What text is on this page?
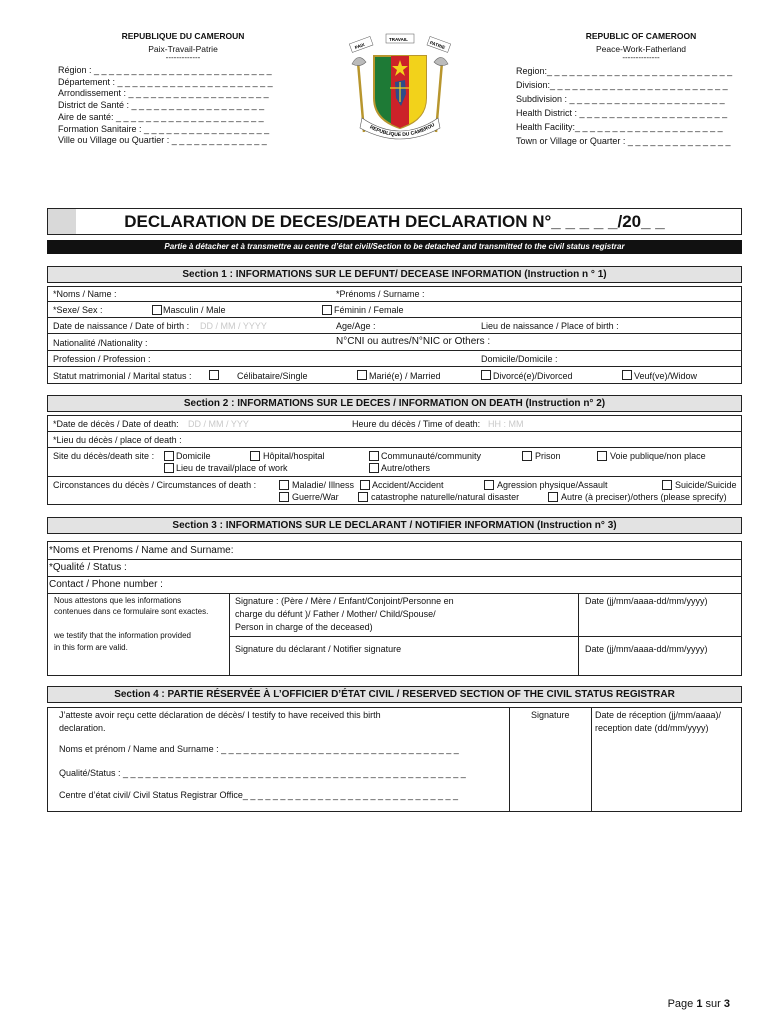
REPUBLIQUE DU CAMEROUN
Paix-Travail-Patrie
-------------
Région : _ _ _ _ _ _ _ _ _ _ _ _ _ _ _ _ _ _ _ _ _ _ _ _
Département : _ _ _ _ _ _ _ _ _ _ _ _ _ _ _ _ _ _ _ _ _
Arrondissement : _ _ _ _ _ _ _ _ _ _ _ _ _ _ _ _ _ _ _
District de Santé : _ _ _ _ _ _ _ _ _ _ _ _ _ _ _ _ _ _
Aire de santé: _ _ _ _ _ _ _ _ _ _ _ _ _ _ _ _ _ _ _ _
Formation Sanitaire : _ _ _ _ _ _ _ _ _ _ _ _ _ _ _ _ _
Ville ou Village ou Quartier : _ _ _ _ _ _ _ _ _ _ _ _ _
REPUBLIC OF CAMEROON
Peace-Work-Fatherland
--------------
Region:_ _ _ _ _ _ _ _ _ _ _ _ _ _ _ _ _ _ _ _ _ _ _ _ _
Division:_ _ _ _ _ _ _ _ _ _ _ _ _ _ _ _ _ _ _ _ _ _ _ _
Subdivision : _ _ _ _ _ _ _ _ _ _ _ _ _ _ _ _ _ _ _ _ _
Health District : _ _ _ _ _ _ _ _ _ _ _ _ _ _ _ _ _ _ _ _
Health Facility:_ _ _ _ _ _ _ _ _ _ _ _ _ _ _ _ _ _ _ _
Town or Village or Quarter : _ _ _ _ _ _ _ _ _ _ _ _ _ _
PAIX
TRAVAIL
PATRIE
REPUBLIQUE DU CAMEROU
DECLARATION DE DECES/DEATH DECLARATION N°_ _ _ _ _/20_ _
Partie à détacher et à transmettre au centre d’état civil/Section to be detached and transmitted to the civil status registrar
Section 1 : INFORMATIONS SUR LE DEFUNT/ DECEASE INFORMATION (Instruction n ° 1)
*Noms / Name :	*Prénoms / Surname :
*Sexe/ Sex :	Masculin / Male	Féminin / Female
Date de naissance / Date of birth : DD / MM / YYYY	Age/Age :	Lieu de naissance / Place of birth :
Nationalité /Nationality :	N°CNI ou autres/N°NIC or Others :
Profession / Profession :	Domicile/Domicile :
Statut matrimonial / Marital status :	Célibataire/Single	Marié(e) / Married	Divorcé(e)/Divorced	Veuf(ve)/Widow
Section 2 : INFORMATIONS SUR LE DECES / INFORMATION ON DEATH (Instruction n° 2)
*Date de décès / Date of death: DD / MM / YYY	Heure du décès / Time of death: HH : MM
*Lieu du décès / place of death :
Site du décès/death site : Domicile	Hôpital/hospital	Communauté/community	Prison	Voie publique/non place
Lieu de travail/place of work	Autre/others
Circonstances du décès / Circumstances of death :	Maladie/ Illness Accident/Accident	Agression physique/Assault	Suicide/Suicide
Guerre/War	catastrophe naturelle/natural disaster	Autre (à preciser)/others (please sprecify)
Section 3 : INFORMATIONS SUR LE DECLARANT / NOTIFIER INFORMATION (Instruction n° 3)
*Noms et Prenoms / Name and Surname:
*Qualité / Status :
Contact / Phone number :
Nous attestons que les informations
contenues dans ce formulaire sont exactes.
we testify that the information provided
in this form are valid.
Signature : (Père / Mère / Enfant/Conjoint/Personne en
charge du défunt )/ Father / Mother/ Child/Spouse/
Person in charge of the deceased)
Date (jj/mm/aaaa-dd/mm/yyyy)
Signature du déclarant / Notifier signature	Date (jj/mm/aaaa-dd/mm/yyyy)
Section 4 : PARTIE RÉSERVÉE À L’OFFICIER D’ÉTAT CIVIL / RESERVED SECTION OF THE CIVIL STATUS REGISTRAR
J’atteste avoir reçu cette déclaration de décès/ I testify to have received this birth
declaration.
Noms et prénom / Name and Surname : _ _ _ _ _ _ _ _ _ _ _ _ _ _ _ _ _ _ _ _ _ _ _ _ _ _ _ _ _ _ _ _
Qualité/Status : _ _ _ _ _ _ _ _ _ _ _ _ _ _ _ _ _ _ _ _ _ _ _ _ _ _ _ _ _ _ _ _ _ _ _ _ _ _ _ _ _ _ _ _ _ _
Centre d’état civil/ Civil Status Registrar Office_ _ _ _ _ _ _ _ _ _ _ _ _ _ _ _ _ _ _ _ _ _ _ _ _ _ _ _ _
Signature	Date de réception (jj/mm/aaaa)/
reception date (dd/mm/yyyy)
Page 1 sur 3
